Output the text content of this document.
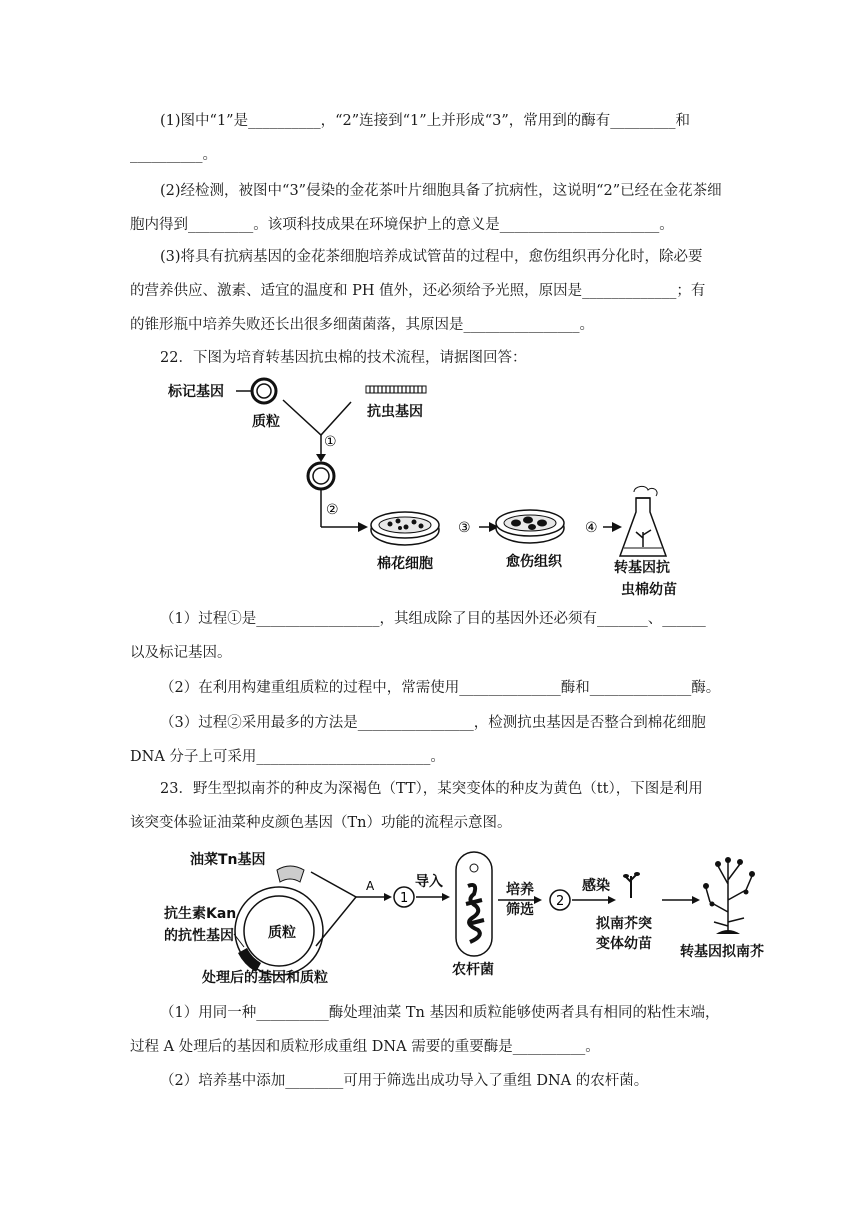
(1)图中“1”是__________，“2”连接到“1”上并形成“3”，常用到的酶有_________和
__________。
(2)经检测，被图中“3”侵染的金花茶叶片细胞具备了抗病性，这说明“2”已经在金花茶细
胞内得到_________。该项科技成果在环境保护上的意义是______________________。
(3)将具有抗病基因的金花茶细胞培养成试管苗的过程中，愈伤组织再分化时，除必要
的营养供应、激素、适宜的温度和 PH 值外，还必须给予光照，原因是_____________；有
的锥形瓶中培养失败还长出很多细菌菌落，其原因是________________。
22．下图为培育转基因抗虫棉的技术流程，请据图回答：
标记基因
质粒
抗虫基因
①
②
棉花细胞
③
愈伤组织
④
转基因抗
虫棉幼苗
（1）过程①是_________________，其组成除了目的基因外还必须有_______、______
以及标记基因。
（2）在利用构建重组质粒的过程中，常需使用______________酶和______________酶。
（3）过程②采用最多的方法是________________，检测抗虫基因是否整合到棉花细胞
DNA 分子上可采用________________________。
23．野生型拟南芥的种皮为深褐色（TT），某突变体的种皮为黄色（tt），下图是利用
该突变体验证油菜种皮颜色基因（Tn）功能的流程示意图。
油菜Tn基因
质粒
抗生素Kan
的抗性基因
处理后的基因和质粒
A
1
导入
农杆菌
培养
筛选
2
感染
拟南芥突
变体幼苗 转基因拟南芥
（1）用同一种__________酶处理油菜 Tn 基因和质粒能够使两者具有相同的粘性末端，
过程 A 处理后的基因和质粒形成重组 DNA 需要的重要酶是__________。
（2）培养基中添加________可用于筛选出成功导入了重组 DNA 的农杆菌。
